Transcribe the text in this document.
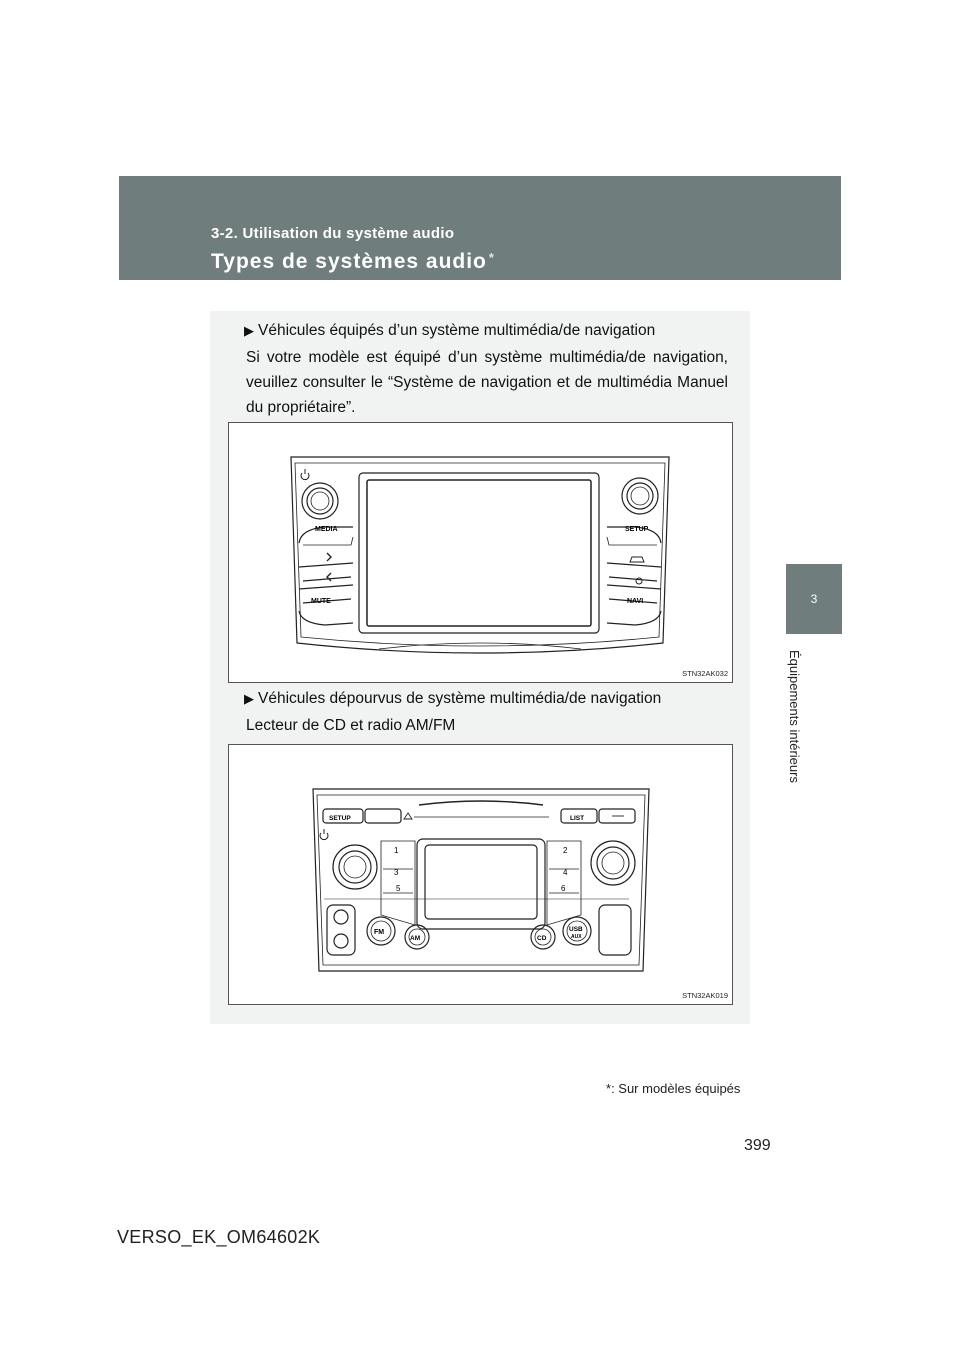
3-2. Utilisation du système audio
Types de systèmes audio *
3
Équipements intérieurs
▶ Véhicules équipés d’un système multimédia/de navigation
Si votre modèle est équipé d’un système multimédia/de navigation, veuillez consulter le “Système de navigation et de multimédia Manuel du propriétaire”.
MEDIA
MUTE
SETUP
NAVI
STN32AK032
▶ Véhicules dépourvus de système multimédia/de navigation
Lecteur de CD et radio AM/FM
SETUP	LIST
1	2
3	4
5	6
FM
AM	CD
USB
AUX
STN32AK019
*: Sur modèles équipés
399
VERSO_EK_OM64602K
